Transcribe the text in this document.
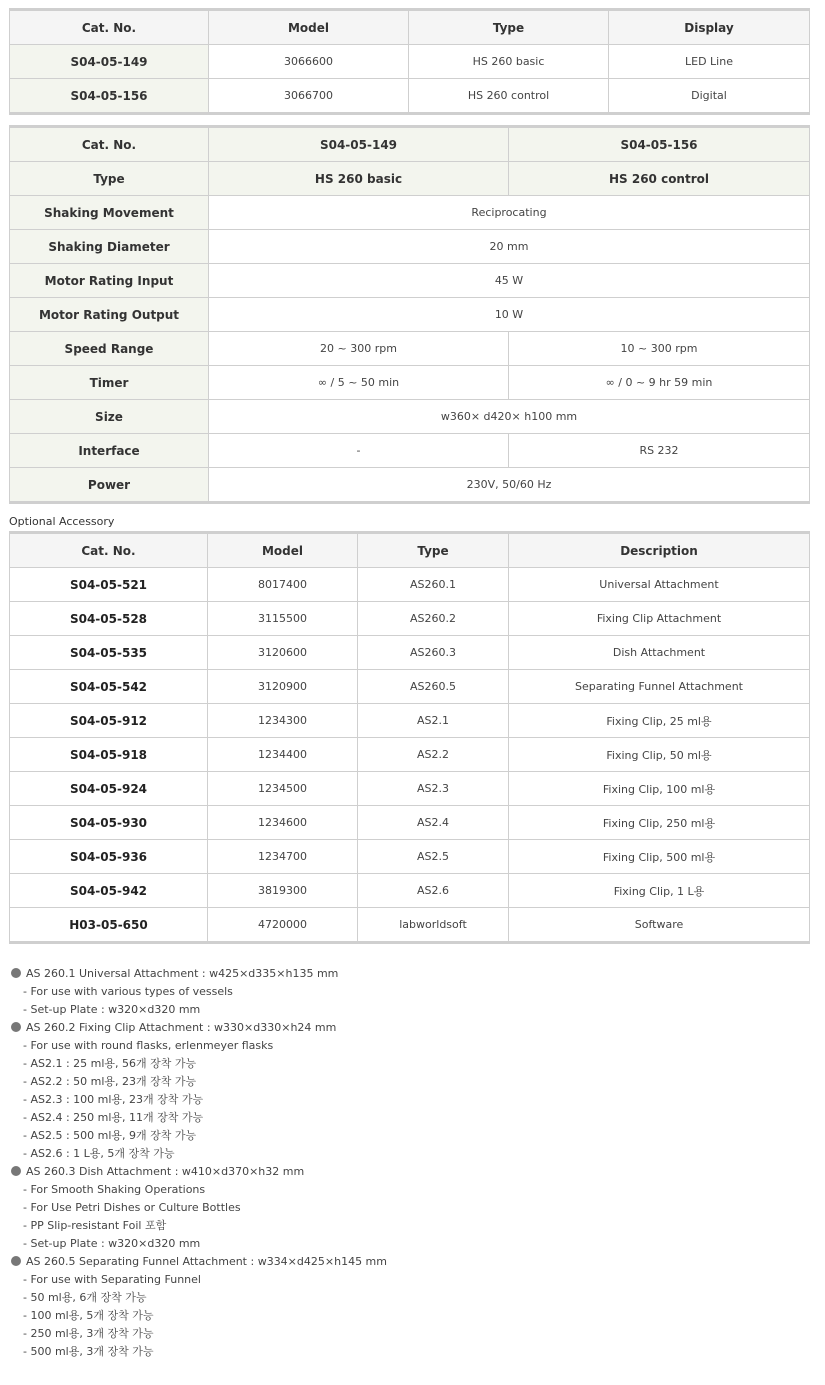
Cat. No.	Model	Type	Display
S04-05-149	3066600	HS 260 basic	LED Line
S04-05-156	3066700	HS 260 control	Digital
Cat. No.	S04-05-149	S04-05-156
Type	HS 260 basic	HS 260 control
Shaking Movement	Reciprocating	
Shaking Diameter	20 mm	
Motor Rating Input	45 W	
Motor Rating Output	10 W	
Speed Range	20 ~ 300 rpm	10 ~ 300 rpm
Timer	∞ / 5 ~ 50 min	∞ / 0 ~ 9 hr 59 min
Size	w360× d420× h100 mm	
Interface	-	RS 232
Power	230V, 50/60 Hz	
Optional Accessory
Cat. No.	Model	Type	Description
S04-05-521	8017400	AS260.1	Universal Attachment
S04-05-528	3115500	AS260.2	Fixing Clip Attachment
S04-05-535	3120600	AS260.3	Dish Attachment
S04-05-542	3120900	AS260.5	Separating Funnel Attachment
S04-05-912	1234300	AS2.1	Fixing Clip, 25 ml용
S04-05-918	1234400	AS2.2	Fixing Clip, 50 ml용
S04-05-924	1234500	AS2.3	Fixing Clip, 100 ml용
S04-05-930	1234600	AS2.4	Fixing Clip, 250 ml용
S04-05-936	1234700	AS2.5	Fixing Clip, 500 ml용
S04-05-942	3819300	AS2.6	Fixing Clip, 1 L용
H03-05-650	4720000	labworldsoft	Software
AS 260.1 Universal Attachment : w425×d335×h135 mm
- For use with various types of vessels
- Set-up Plate : w320×d320 mm
AS 260.2 Fixing Clip Attachment : w330×d330×h24 mm
- For use with round flasks, erlenmeyer flasks
- AS2.1 : 25 ml용, 56개 장착 가능
- AS2.2 : 50 ml용, 23개 장착 가능
- AS2.3 : 100 ml용, 23개 장착 가능
- AS2.4 : 250 ml용, 11개 장착 가능
- AS2.5 : 500 ml용, 9개 장착 가능
- AS2.6 : 1 L용, 5개 장착 가능
AS 260.3 Dish Attachment : w410×d370×h32 mm
- For Smooth Shaking Operations
- For Use Petri Dishes or Culture Bottles
- PP Slip-resistant Foil 포함
- Set-up Plate : w320×d320 mm
AS 260.5 Separating Funnel Attachment : w334×d425×h145 mm
- For use with Separating Funnel
- 50 ml용, 6개 장착 가능
- 100 ml용, 5개 장착 가능
- 250 ml용, 3개 장착 가능
- 500 ml용, 3개 장착 가능
